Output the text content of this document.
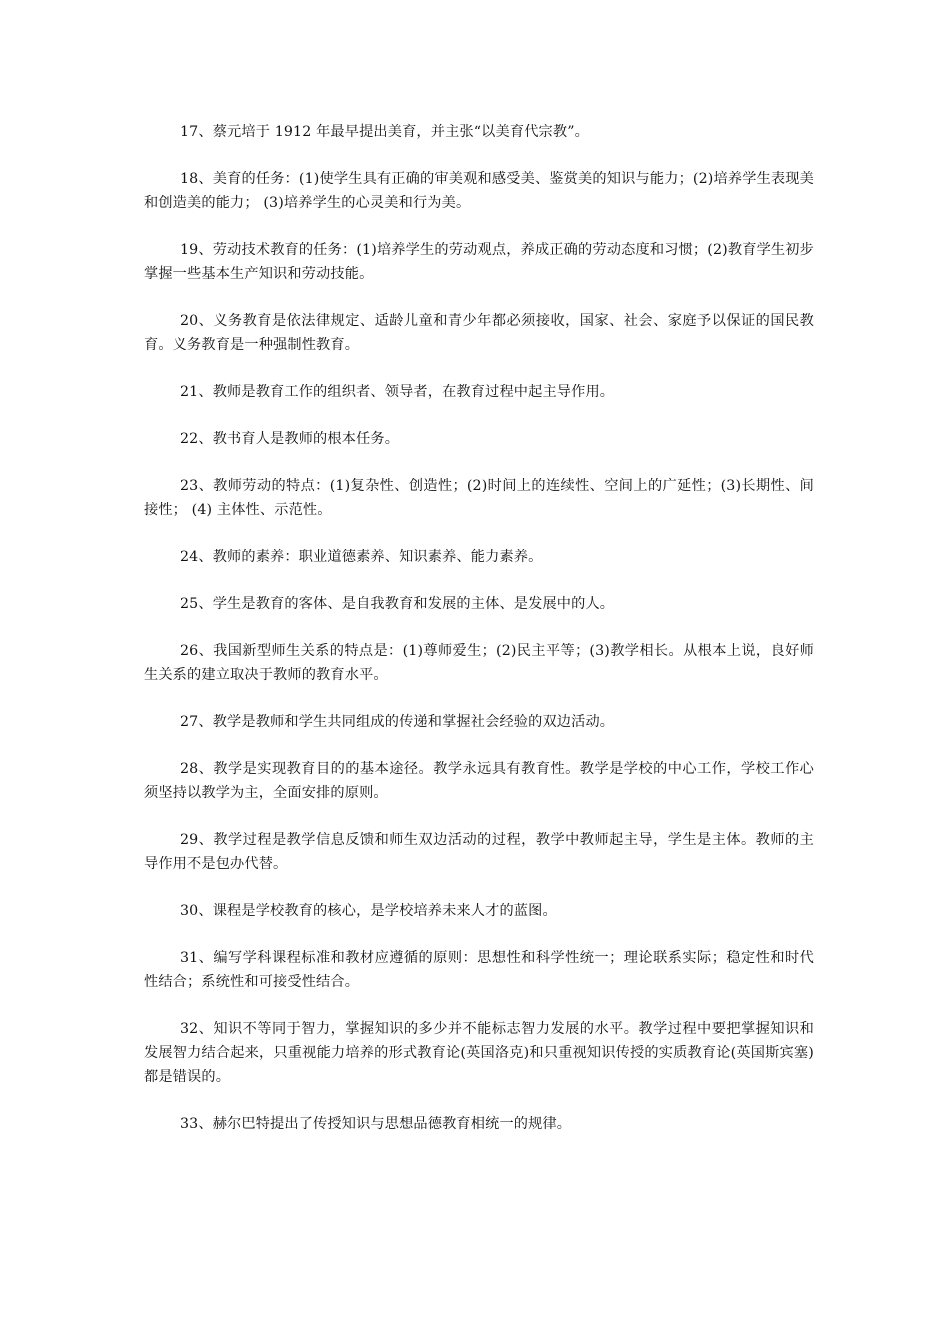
17、蔡元培于 1912 年最早提出美育，并主张“以美育代宗教”。

18、美育的任务：(1)使学生具有正确的审美观和感受美、鉴赏美的知识与能力；(2)培养学生表现美和创造美的能力； (3)培养学生的心灵美和行为美。

19、劳动技术教育的任务：(1)培养学生的劳动观点，养成正确的劳动态度和习惯；(2)教育学生初步掌握一些基本生产知识和劳动技能。

20、义务教育是依法律规定、适龄儿童和青少年都必须接收，国家、社会、家庭予以保证的国民教育。义务教育是一种强制性教育。

21、教师是教育工作的组织者、领导者，在教育过程中起主导作用。

22、教书育人是教师的根本任务。

23、教师劳动的特点：(1)复杂性、创造性；(2)时间上的连续性、空间上的广延性；(3)长期性、间接性； (4) 主体性、示范性。

24、教师的素养：职业道德素养、知识素养、能力素养。

25、学生是教育的客体、是自我教育和发展的主体、是发展中的人。

26、我国新型师生关系的特点是：(1)尊师爱生；(2)民主平等；(3)教学相长。从根本上说，良好师生关系的建立取决于教师的教育水平。

27、教学是教师和学生共同组成的传递和掌握社会经验的双边活动。

28、教学是实现教育目的的基本途径。教学永远具有教育性。教学是学校的中心工作，学校工作心须坚持以教学为主，全面安排的原则。

29、教学过程是教学信息反馈和师生双边活动的过程，教学中教师起主导，学生是主体。教师的主导作用不是包办代替。

30、课程是学校教育的核心，是学校培养未来人才的蓝图。

31、编写学科课程标准和教材应遵循的原则：思想性和科学性统一；理论联系实际；稳定性和时代性结合；系统性和可接受性结合。

32、知识不等同于智力，掌握知识的多少并不能标志智力发展的水平。教学过程中要把掌握知识和发展智力结合起来，只重视能力培养的形式教育论(英国洛克)和只重视知识传授的实质教育论(英国斯宾塞)都是错误的。

33、赫尔巴特提出了传授知识与思想品德教育相统一的规律。
